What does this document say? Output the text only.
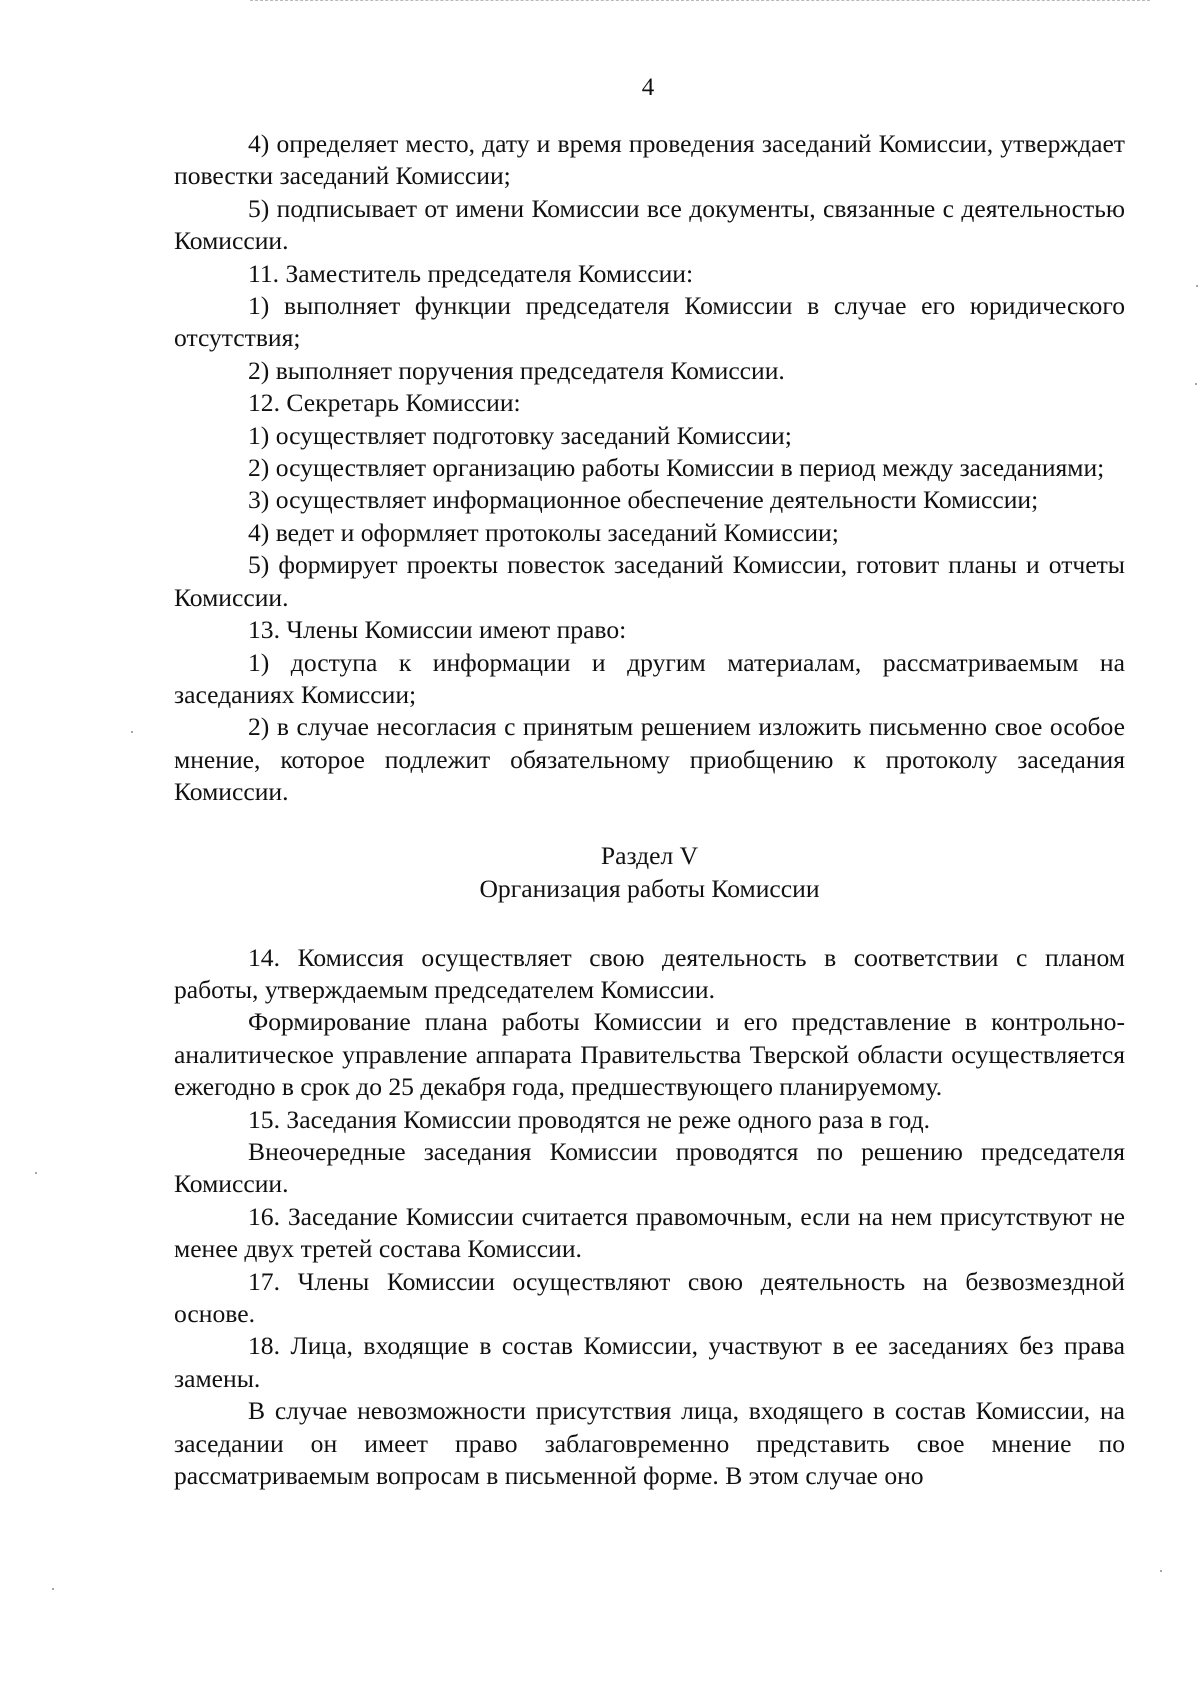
4

4) определяет место, дату и время проведения заседаний Комиссии, утверждает повестки заседаний Комиссии;

5) подписывает от имени Комиссии все документы, связанные с деятельностью Комиссии.

11. Заместитель председателя Комиссии:

1) выполняет функции председателя Комиссии в случае его юридического отсутствия;

2) выполняет поручения председателя Комиссии.

12. Секретарь Комиссии:

1) осуществляет подготовку заседаний Комиссии;

2) осуществляет организацию работы Комиссии в период между заседаниями;

3) осуществляет информационное обеспечение деятельности Комиссии;

4) ведет и оформляет протоколы заседаний Комиссии;

5) формирует проекты повесток заседаний Комиссии, готовит планы и отчеты Комиссии.

13. Члены Комиссии имеют право:

1) доступа к информации и другим материалам, рассматриваемым на заседаниях Комиссии;

2) в случае несогласия с принятым решением изложить письменно свое особое мнение, которое подлежит обязательному приобщению к протоколу заседания Комиссии.

Раздел V

Организация работы Комиссии

14. Комиссия осуществляет свою деятельность в соответствии с планом работы, утверждаемым председателем Комиссии.

Формирование плана работы Комиссии и его представление в контрольно-аналитическое управление аппарата Правительства Тверской области осуществляется ежегодно в срок до 25 декабря года, предшествующего планируемому.

15. Заседания Комиссии проводятся не реже одного раза в год.

Внеочередные заседания Комиссии проводятся по решению председателя Комиссии.

16. Заседание Комиссии считается правомочным, если на нем присутствуют не менее двух третей состава Комиссии.

17. Члены Комиссии осуществляют свою деятельность на безвозмездной основе.

18. Лица, входящие в состав Комиссии, участвуют в ее заседаниях без права замены.

В случае невозможности присутствия лица, входящего в состав Комиссии, на заседании он имеет право заблаговременно представить свое мнение по рассматриваемым вопросам в письменной форме. В этом случае оно
